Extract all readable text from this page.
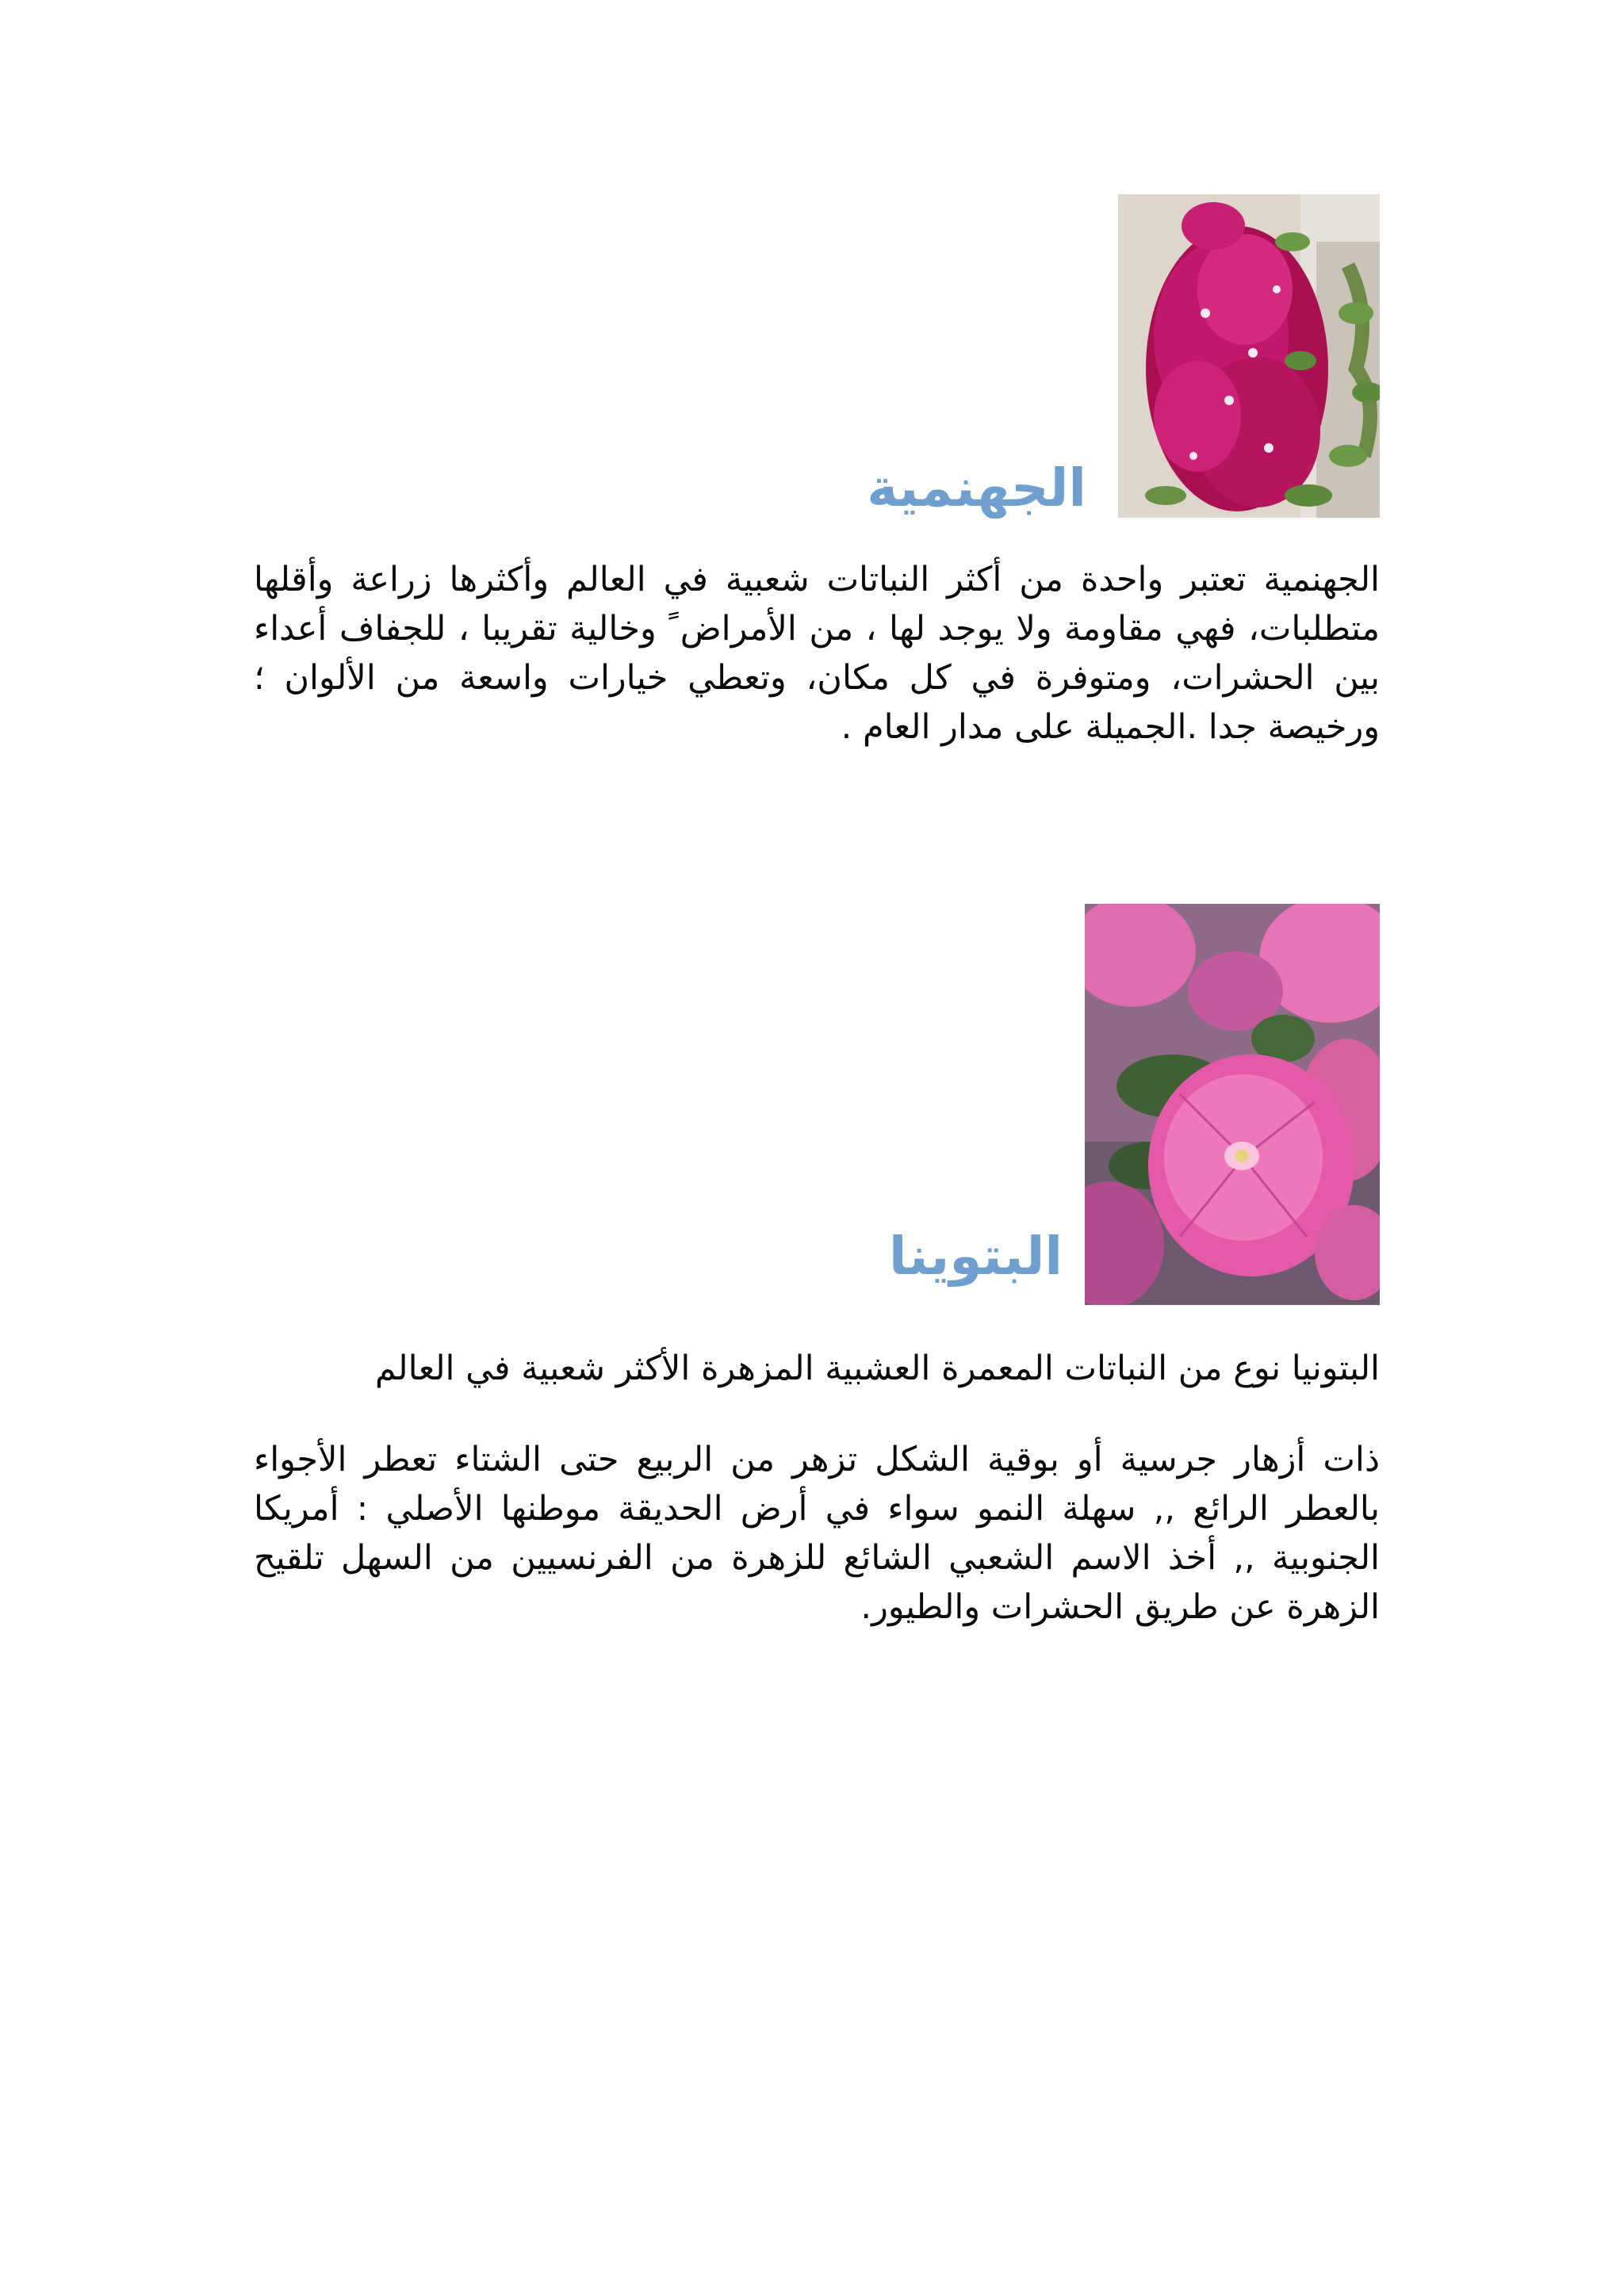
الجهنمية

الجهنمية تعتبر واحدة من أكثر النباتات شعبية في العالم وأكثرها زراعة وأقلها متطلبات، فهي مقاومة ولا يوجد لها ، من الأمراض ً وخالية تقريبا ، للجفاف أعداء بين الحشرات، ومتوفرة في كل مكان، وتعطي خيارات واسعة من الألوان ؛ ورخيصة جدا .الجميلة على مدار العام .

البتوينا

البتونيا نوع من النباتات المعمرة العشبية المزهرة الأكثر شعبية في العالم

ذات أزهار جرسية أو بوقية الشكل تزهر من الربيع حتى الشتاء تعطر الأجواء بالعطر الرائع ,, سهلة النمو سواء في أرض الحديقة موطنها الأصلي : أمريكا الجنوبية ,, أخذ الاسم الشعبي الشائع للزهرة من الفرنسيين من السهل تلقيح الزهرة عن طريق الحشرات والطيور.
